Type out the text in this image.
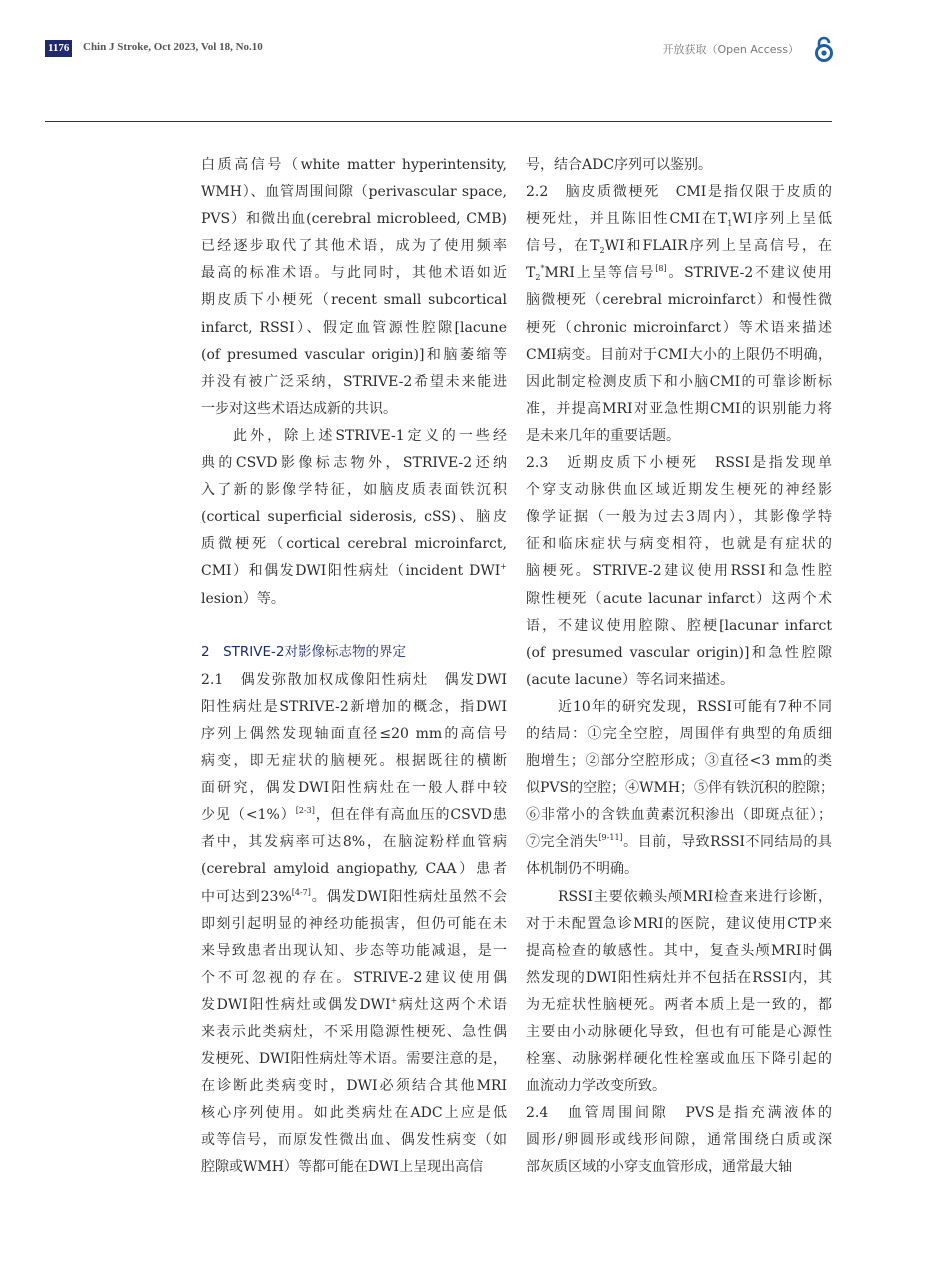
1176 Chin J Stroke, Oct 2023, Vol 18, No.10	开放获取（Open Access）
白质高信号（white matter hyperintensity,
WMH）、血管周围间隙（perivascular space,
PVS）和微出血(cerebral microbleed, CMB)
已经逐步取代了其他术语，成为了使用频率
最高的标准术语。与此同时，其他术语如近
期皮质下小梗死（recent small subcortical
infarct, RSSI）、假定血管源性腔隙[lacune
(of presumed vascular origin)]和脑萎缩等
并没有被广泛采纳，STRIVE-2希望未来能进
一步对这些术语达成新的共识。
此外，除上述STRIVE-1定义的一些经
典的CSVD影像标志物外，STRIVE-2还纳
入了新的影像学特征，如脑皮质表面铁沉积
(cortical superficial siderosis, cSS)、脑皮
质微梗死（cortical cerebral microinfarct,
CMI）和偶发DWI阳性病灶（incident DWI+
lesion）等。
2　STRIVE-2对影像标志物的界定
2.1　偶发弥散加权成像阳性病灶　偶发DWI
阳性病灶是STRIVE-2新增加的概念，指DWI
序列上偶然发现轴面直径≤20 mm的高信号
病变，即无症状的脑梗死。根据既往的横断
面研究，偶发DWI阳性病灶在一般人群中较
少见（<1%）[2-3]，但在伴有高血压的CSVD患
者中，其发病率可达8%，在脑淀粉样血管病
(cerebral amyloid angiopathy, CAA）患者
中可达到23%[4-7]。偶发DWI阳性病灶虽然不会
即刻引起明显的神经功能损害，但仍可能在未
来导致患者出现认知、步态等功能减退，是一
个不可忽视的存在。STRIVE-2建议使用偶
发DWI阳性病灶或偶发DWI+病灶这两个术语
来表示此类病灶，不采用隐源性梗死、急性偶
发梗死、DWI阳性病灶等术语。需要注意的是，
在诊断此类病变时，DWI必须结合其他MRI
核心序列使用。如此类病灶在ADC上应是低
或等信号，而原发性微出血、偶发性病变（如
腔隙或WMH）等都可能在DWI上呈现出高信
号，结合ADC序列可以鉴别。
2.2　脑皮质微梗死　CMI是指仅限于皮质的
梗死灶，并且陈旧性CMI在$T_1WI$序列上呈低
信号，在$T_2WI$和FLAIR序列上呈高信号，在
$T_2^*MRI$上呈等信号[8]。STRIVE-2不建议使用
脑微梗死（cerebral microinfarct）和慢性微
梗死（chronic microinfarct）等术语来描述
CMI病变。目前对于CMI大小的上限仍不明确，
因此制定检测皮质下和小脑CMI的可靠诊断标
准，并提高MRI对亚急性期CMI的识别能力将
是未来几年的重要话题。
2.3　近期皮质下小梗死　RSSI是指发现单
个穿支动脉供血区域近期发生梗死的神经影
像学证据（一般为过去3周内），其影像学特
征和临床症状与病变相符，也就是有症状的
脑梗死。STRIVE-2建议使用RSSI和急性腔
隙性梗死（acute lacunar infarct）这两个术
语，不建议使用腔隙、腔梗[lacunar infarct
(of presumed vascular origin)]和急性腔隙
(acute lacune）等名词来描述。
近10年的研究发现，RSSI可能有7种不同
的结局：①完全空腔，周围伴有典型的角质细
胞增生；②部分空腔形成；③直径<3 mm的类
似PVS的空腔；④WMH；⑤伴有铁沉积的腔隙；
⑥非常小的含铁血黄素沉积渗出（即斑点征）；
⑦完全消失[9-11]。目前，导致RSSI不同结局的具
体机制仍不明确。
RSSI主要依赖头颅MRI检查来进行诊断，
对于未配置急诊MRI的医院，建议使用CTP来
提高检查的敏感性。其中，复查头颅MRI时偶
然发现的DWI阳性病灶并不包括在RSSI内，其
为无症状性脑梗死。两者本质上是一致的，都
主要由小动脉硬化导致，但也有可能是心源性
栓塞、动脉粥样硬化性栓塞或血压下降引起的
血流动力学改变所致。
2.4　血管周围间隙　PVS是指充满液体的
圆形/卵圆形或线形间隙，通常围绕白质或深
部灰质区域的小穿支血管形成，通常最大轴
